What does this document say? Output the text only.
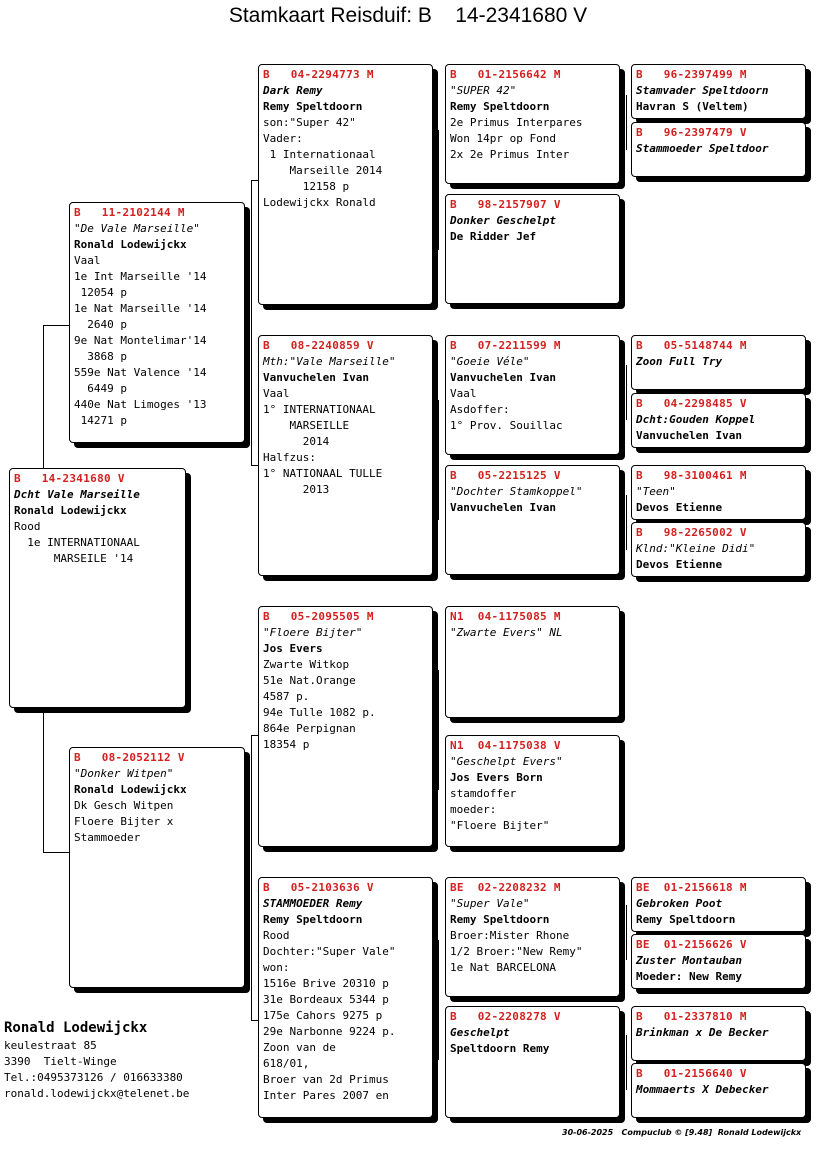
Stamkaart Reisduif: B    14-2341680 V
B   14-2341680 V
Dcht Vale Marseille
Ronald Lodewijckx
Rood
1e INTERNATIONAAL
MARSEILE '14
B   11-2102144 M
"De Vale Marseille"
Ronald Lodewijckx
Vaal
1e Int Marseille '14
12054 p
1e Nat Marseille '14
2640 p
9e Nat Montelimar'14
3868 p
559e Nat Valence '14
6449 p
440e Nat Limoges '13
14271 p
B   08-2052112 V
"Donker Witpen"
Ronald Lodewijckx
Dk Gesch Witpen
Floere Bijter x
Stammoeder
B   04-2294773 M
Dark Remy
Remy Speltdoorn
son:"Super 42"
Vader:
1 Internationaal
Marseille 2014
12158 p
Lodewijckx Ronald
B   08-2240859 V
Mth:"Vale Marseille"
Vanvuchelen Ivan
Vaal
1° INTERNATIONAAL
MARSEILLE
2014
Halfzus:
1° NATIONAAL TULLE
2013
B   05-2095505 M
"Floere Bijter"
Jos Evers
Zwarte Witkop
51e Nat.Orange
4587 p.
94e Tulle 1082 p.
864e Perpignan
18354 p
B   05-2103636 V
STAMMOEDER Remy
Remy Speltdoorn
Rood
Dochter:"Super Vale"
won:
1516e Brive 20310 p
31e Bordeaux 5344 p
175e Cahors 9275 p
29e Narbonne 9224 p.
Zoon van de
618/01,
Broer van 2d Primus
Inter Pares 2007 en
B   01-2156642 M
"SUPER 42"
Remy Speltdoorn
2e Primus Interpares
Won 14pr op Fond
2x 2e Primus Inter
B   98-2157907 V
Donker Geschelpt
De Ridder Jef
B   07-2211599 M
"Goeie Véle"
Vanvuchelen Ivan
Vaal
Asdoffer:
1° Prov. Souillac
B   05-2215125 V
"Dochter Stamkoppel"
Vanvuchelen Ivan
N1  04-1175085 M
"Zwarte Evers" NL
N1  04-1175038 V
"Geschelpt Evers"
Jos Evers Born
stamdoffer
moeder:
"Floere Bijter"
BE  02-2208232 M
"Super Vale"
Remy Speltdoorn
Broer:Mister Rhone
1/2 Broer:"New Remy"
1e Nat BARCELONA
B   02-2208278 V
Geschelpt
Speltdoorn Remy
B   96-2397499 M
Stamvader Speltdoorn
Havran S (Veltem)
B   96-2397479 V
Stammoeder Speltdoor
B   05-5148744 M
Zoon Full Try
B   04-2298485 V
Dcht:Gouden Koppel
Vanvuchelen Ivan
B   98-3100461 M
"Teen"
Devos Etienne
B   98-2265002 V
Klnd:"Kleine Didi"
Devos Etienne
BE  01-2156618 M
Gebroken Poot
Remy Speltdoorn
BE  01-2156626 V
Zuster Montauban
Moeder: New Remy
B   01-2337810 M
Brinkman x De Becker
B   01-2156640 V
Mommaerts X Debecker
Ronald Lodewijckx
keulestraat 85
3390  Tielt-Winge
Tel.:0495373126 / 016633380
ronald.lodewijckx@telenet.be
30-06-2025   Compuclub © [9.48]  Ronald Lodewijckx
